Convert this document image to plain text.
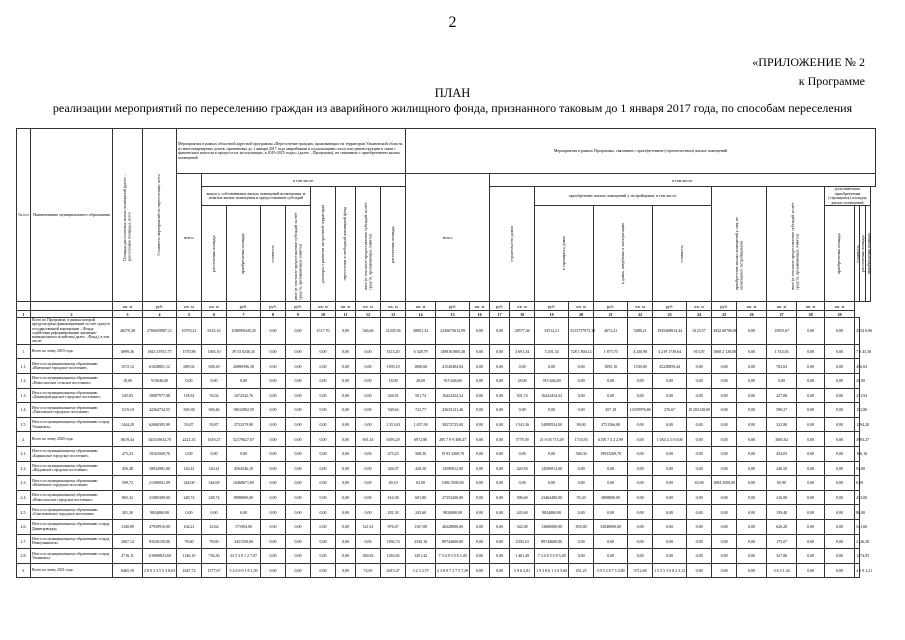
2
«ПРИЛОЖЕНИЕ № 2
к Программе
ПЛАН
реализации мероприятий по переселению граждан из аварийного жилищного фонда, признанного таковым до 1 января 2017 года, по способам переселения
№ п/п	Наименование муниципального образования	Площадь расселяемых жилых помещений (далее – расселяемая площадь), всего	Стоимость мероприятий по переселению, всего	Мероприятия в рамках областной адресной программы «Переселение граждан, проживающих на территории Ульяновской области, из многоквартирных домов, признанных до 1 января 2017 года аварийными и подлежащими сносу или реконструкции в связи с физическим износом в процессе их эксплуатации, в 2019-2025 годах» (далее – Программа), не связанные с приобретением жилых помещений									Мероприятия в рамках Программы, связанные с приобретением (строительством) жилых помещений																		
				всего:	в том числе:								всего:			в том числе:															
					выкуп у собственников жилых помещений возмещения за изъятые жилые помещения и предоставление субсидий				договоры о развитии застроенной территории	переселение в свободный жилищный фонд	иное (в том числе предоставление субсидий за счёт средств, превышающих лимиты)	расселяемая площадь				строительство домов		приобретение жилых помещений у застройщиков, в том числе:						приобретение жилых помещений у лиц, не являющихся застройщиками		иное (в том числе предоставление субсидий за счёт средств, превышающих лимиты)		дополнительно приобретаемая (строящаяся) площадь жилых помещений			

					расселяемая площадь	приобретаемая площадь	стоимость	иное (в том числе предоставление субсидий за счёт средств, превышающих лимиты)										в строящихся домах		в домах, введённых в эксплуатацию		стоимость						приобретаемая площадь	стоимость	расселяемая площадь	приобретаемая площадь

		кв. м	руб.	кв. м	кв. м	руб.	руб.	руб.	кв. м	кв. м	кв. м	кв. м	кв. м	руб.	кв. м	руб.	кв. м	руб.	кв. м	руб.	кв. м	руб.	кв. м	руб.	кв. м	кв. м	кв. м	кв. м			
1	2	3	4	5	6	7	8	9	10	11	12	13	14	15	16	17	18	19	20	21	22	23	24	25	26	27	28	29			
	Всего по Программе, в рамках которой предусмотрено финансирование за счёт средств государственной корпорации – Фонда содействия реформированию жилищно-коммунального хозяйства (далее – Фонд), в том числе:	48279,38	2706659987,21	16793,21	8125,16	1180096345,35	0,00	0,00	1517,70	0,00	546,66	31205,56	38001,32	2320673612,99	0,00	0,00	28577,36	33512,21	5513757975,38	4672,41	5488,21	1945468814,44	6123,57	3942 60786,88	0,00	15955,67	0,00	0,00	2554 6,86		
1.	Всего по этапу 2019 года:	6899,36	1843 47815,75	1570,88	1365,10	39 53 0236,35	0,00	0,00	0,00	0,00	0,00	5113,20	6 328,79	1498161805,40	0,00	0,00	3 691,34	5 201,34	728 1 804,12	1 875,70	4 230,98	4 219 1739,64	913,07	1060 2 128,00	0,00	1 514,03	0,00	0,00	7 5 43,36		
1.1.	Итого по муниципальному образованию «Инзенское городское поселение»	1572,12	61028801,12	689,02	658,30	26880396,30	0,00	0,00	0,00	0,00	0,00	1095,10	1060,68	41520404,84	0,00	0,00	0,00	0,00	0,00	1095,10	1530,00	45228859,44	0,00	0,00	0,00	763,63	0,00	0,00	456,63		
1.2.	Итого по муниципальному образованию «Новоспасское сельское поселение»	18,00	915646,00	0,00	0,00	0,00	0,00	0,00	0,00	0,00	0,00	18,00	28,00	915 646,00	0,00	0,00	28,00	915 646,00	0,00	0,00	0,00	0,00	0,00	0,00	0,00	0,00	0,00	0,00	28,00		
1.3.	Итого по муниципальному образованию «Димитровградское городское поселение»	545,83	18087977,08	118,92	93,02	1672542,76	0,00	0,00	0,00	0,00	0,00	426,91	501,74	16422434,32	0,00	0,00	501,74	16422434,32	0,00	0,00	0,00	0,00	0,00	0,00	0,00	227,08	0,00	0,00	271,94		
1.4.	Итого по муниципальному образованию «Павловское городское поселение»	1119,10	42264734,55	569,38	569,46	18632802,59	0,00	0,00	0,00	0,00	0,00	549,64	722,77	23633121,46	0,00	0,00	0,00	0,00	0,00	457,18	13359976,86	276,67	10 202128,00	0,00	0,00	590,27	0,00	0,00	152,80		
1.5.	Итого по муниципальному образованию «город Ульяновск»	1444,29	62060395,99	93,87	93,87	3753379,90	0,00	0,00	0,00	0,00	0,00	1 351,03	1 657,00	58272725,00	0,00	0,00	1 541,36	54089554,00	90,00	3751566,00	0,00	0,00	0,00	0,00	0,00	322,80	0,00	0,00	1294,20		
2.	Всего по этапу 2020 года:	8619,44	343310634,70	2221,35	1619,27	52179627,07	0,00	0,00	0,00	0,00	691,43	6393,29	6972,80	285 7 9 9 468,47	0,00	0,00	5779,39	21 6 03 715,49	1733,93	6150 7 3 2 2,99	0,00	1 054 4 3 0 0,00	0,00	0,00	0,00	3065,62	0,00	0,00	4983,27		
2.1.	Итого по муниципальному образованию «Барышское городское поселение»	475,23	19163569,70	0,00	0,00	0,00	0,00	0,00	0,00	0,00	0,00	475,23	568,30	19 93 3269,70	0,00	0,00	0,00	0,00	568,30	19933269,70	0,00	0,00	0,00	0,00	0,00	454,03	0,00	0,00	106,10		
2.2.	Итого по муниципальному образованию «Жадовское городское поселение»	456,48	18834981,00	120,41	120,41	4564546,18	0,00	0,00	0,00	0,00	0,00	326,07	420,50	14590812,00	0,00	0,00	420,50	14590812,00	0,00	0,00	0,00	0,00	0,00	0,00	0,00	246,50	0,00	0,00	94,00		
2.3.	Итого по муниципальному образованию «Ишеевское городское поселение»	599,72	21396841,09	344,00	344,00	10468671,89	0,00	0,00	0,00	0,00	0,00	49,10	63,90	1084 3500,00	0,00	0,00	0,00	0,00	0,00	0,00	0,00	0,00	63,90	1084 3500,00	0,00	65,90	0,00	0,00	0,00		
2.4.	Итого по муниципальному образованию «Новоспасское городское поселение»	865,32	31080309,00	248,74	248,74	8988000,00	0,00	0,00	0,00	0,00	0,00	616,58	681,80	27253200,00	0,00	0,00	586,60	23464400,00	95,20	3808800,00	0,00	0,00	0,00	0,00	0,00	216,08	0,00	0,00	453,00		
2.5.	Итого по муниципальному образованию «Сенгилеевское городское поселение»	201,30	9824000,00	0,00	0,00	0,00	0,00	0,00	0,00	0,00	0,00	201,30	245,60	9824000,00	0,00	0,00	245,60	9824000,00	0,00	0,00	0,00	0,00	0,00	0,00	0,00	159,40	0,00	0,00	86,00		
2.6.	Итого по муниципальному образованию «город Димитровград»	1340,89	47939916,00	164,21	23,62	171904,00	0,00	0,00	0,00	0,00	321,61	876,67	1167,80	46228000,00	0,00	0,00	342,00	13680000,00	835,80	33048000,00	0,00	0,00	0,00	0,00	0,00	626,20	0,00	0,00	541,60		
2.7.	Итого по муниципальному образованию «город Новоульяновск»	2067,14	93526150,00	78,60	78,60	3421550,00	0,00	0,00	0,00	0,00	0,00	1992,74	2330,10	89744600,00	0,00	0,00	2330,10	89744600,00	0,00	0,00	0,00	0,00	0,00	0,00	0,00	175,07	0,00	0,00	2126,28		
2.8.	Итого по муниципальному образованию «город Ульяновск»	2716,11	110968823,69	1146,19	736,30	33 5 3 8 1 2 7,07	0,00	0,00	0,00	0,00	369,82	1263,82	1451,42	7 3 6 8 5 0 8 5,49	0,00	0,00	1 461,49	7 3 6 8 5 0 8 5,49	0,00	0,00	0,00	0,00	0,00	0,00	0,00	327,86	0,00	0,00	1274,95		
3.	Всего по этапу 2021 года:	6465,39	2 8 9 3 3 5 5 3 8,63	1647,72	1577,67	5 2 0 6 9 1 8 1,39	0,00	0,00	0,00	0,00	74,65	6415,47	3 2 3 4,75	2 3 8 9 7 3 7 5 7,29	0,00	0,00	5 9 6 2,81	1 9 3 8 6 1 3 0 5,60	451,25	3 9 5 2 8 7 5 3,80	3712,69	1 5 5 5 3 0 8 2 3,12	0,00	0,00	0,00	3 6 3 1,34	0,00	0,00	4 6 9 1,21		
